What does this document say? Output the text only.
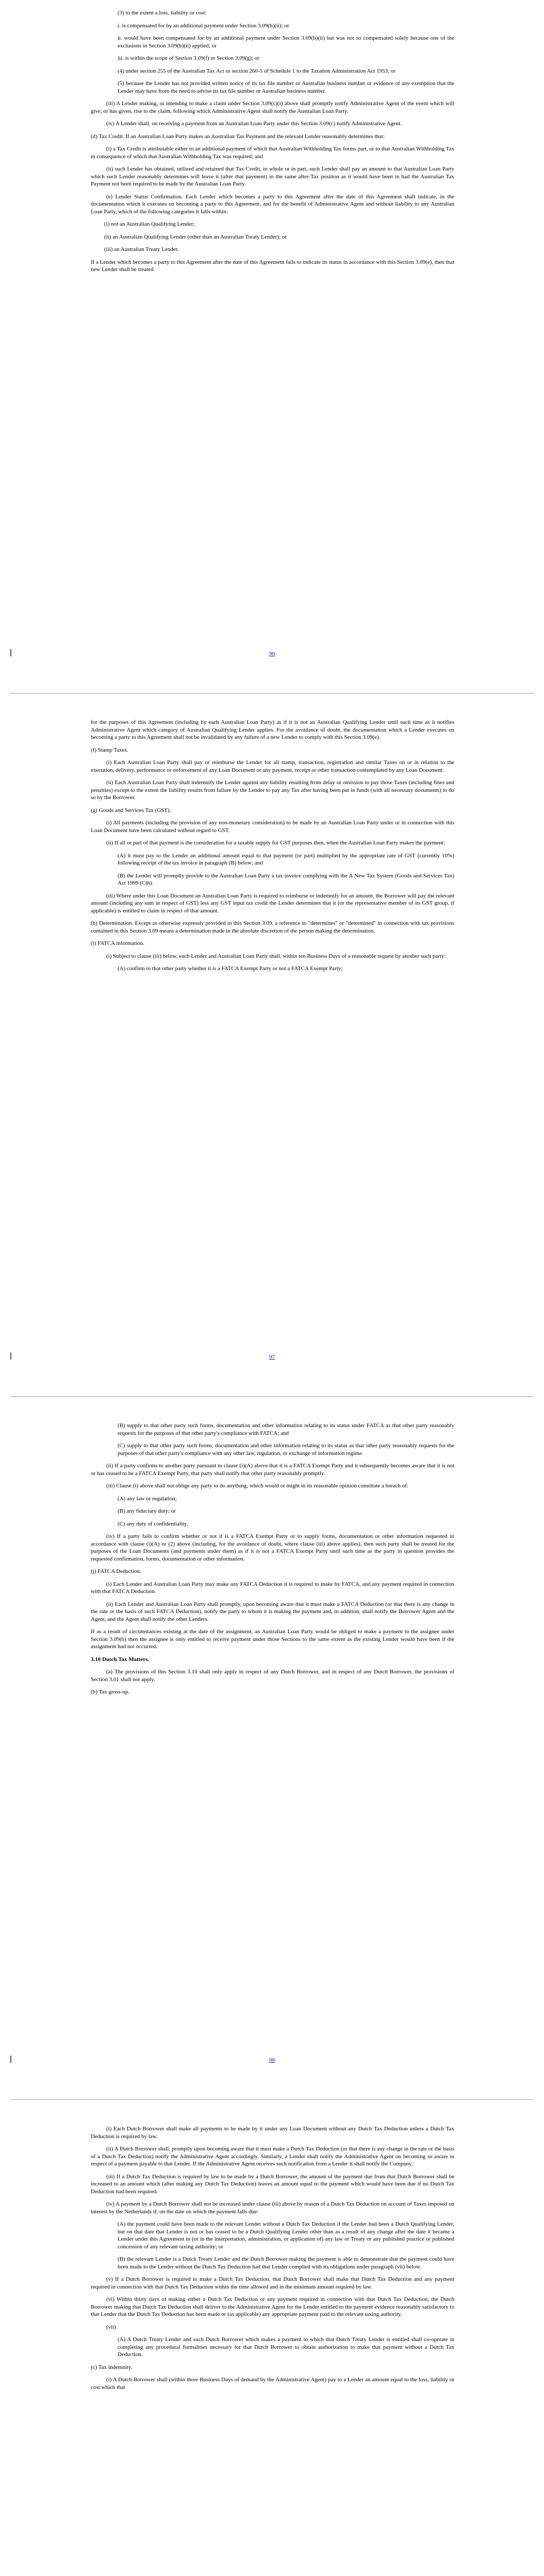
(3) to the extent a loss, liability or cost:

i. is compensated for by an additional payment under Section 3.09(b)(ii); or

ii. would have been compensated for by an additional payment under Section 3.09(b)(ii) but was not so compensated solely because one of the exclusions in Section 3.09(b)(ii) applied; or

iii. is within the scope of Section 3.09(f) or Section 3.09(g); or

(4) under section 255 of the Australian Tax Act or section 260-5 of Schedule 1 to the Taxation Administration Act 1953; or

(5) because the Lender has not provided written notice of its tax file number or Australian business number or evidence of any exemption that the Lender may have from the need to advise its tax file number or Australian business number.

(iii) A Lender making, or intending to make a claim under Section 3.09(c)(i) above shall promptly notify Administrative Agent of the event which will give, or has given, rise to the claim, following which Administrative Agent shall notify the Australian Loan Party.

(iv) A Lender shall, on receiving a payment from an Australian Loan Party under this Section 3.09(c) notify Administrative Agent.

(d) Tax Credit. If an Australian Loan Party makes an Australian Tax Payment and the relevant Lender reasonably determines that:

(i) a Tax Credit is attributable either to an additional payment of which that Australian Withholding Tax forms part, or to that Australian Withholding Tax in consequence of which that Australian Withholding Tax was required; and

(ii) such Lender has obtained, utilized and retained that Tax Credit, in whole or in part, such Lender shall pay an amount to that Australian Loan Party which such Lender reasonably determines will leave it (after that payment) in the same after-Tax position as it would have been in had the Australian Tax Payment not been required to be made by the Australian Loan Party.

(e) Lender Status Confirmation. Each Lender which becomes a party to this Agreement after the date of this Agreement shall indicate, in the documentation which it executes on becoming a party to this Agreement, and for the benefit of Administrative Agent and without liability to any Australian Loan Party, which of the following categories it falls within:

(i) not an Australian Qualifying Lender;

(ii) an Australian Qualifying Lender (other than an Australian Treaty Lender); or

(iii) an Australian Treaty Lender.

If a Lender which becomes a party to this Agreement after the date of this Agreement fails to indicate its status in accordance with this Section 3.09(e), then that new Lender shall be treated

96

for the purposes of this Agreement (including by each Australian Loan Party) as if it is not an Australian Qualifying Lender until such time as it notifies Administrative Agent which category of Australian Qualifying Lender applies. For the avoidance of doubt, the documentation which a Lender executes on becoming a party to this Agreement shall not be invalidated by any failure of a new Lender to comply with this Section 3.09(e).

(f) Stamp Taxes.

(i) Each Australian Loan Party shall pay or reimburse the Lender for all stamp, transaction, registration and similar Taxes on or in relation to the execution, delivery, performance or enforcement of any Loan Document or any payment, receipt or other transaction contemplated by any Loan Document.

(ii) Each Australian Loan Party shall indemnify the Lender against any liability resulting from delay or omission to pay those Taxes (including fines and penalties) except to the extent the liability results from failure by the Lender to pay any Tax after having been put in funds (with all necessary documents) to do so by the Borrower.

(g) Goods and Services Tax (GST).

(i) All payments (including the provision of any non-monetary consideration) to be made by an Australian Loan Party under or in connection with this Loan Document have been calculated without regard to GST.

(ii) If all or part of that payment is the consideration for a taxable supply for GST purposes then, when the Australian Loan Party makes the payment:

(A) it must pay to the Lender an additional amount equal to that payment (or part) multiplied by the appropriate rate of GST (currently 10%) following receipt of the tax invoice in paragraph (B) below; and

(B) the Lender will promptly provide to the Australian Loan Party a tax invoice complying with the A New Tax System (Goods and Services Tax) Act 1999 (Cth).

(iii) Where under this Loan Document an Australian Loan Party is required to reimburse or indemnify for an amount, the Borrower will pay the relevant amount (including any sum in respect of GST) less any GST input tax credit the Lender determines that it (or the representative member of its GST group, if applicable) is entitled to claim in respect of that amount.

(h) Determination. Except as otherwise expressly provided in this Section 3.09, a reference to "determines" or "determined" in connection with tax provisions contained in this Section 3.09 means a determination made in the absolute discretion of the person making the determination.

(i) FATCA information.

(i) Subject to clause (iii) below, each Lender and Australian Loan Party shall, within ten Business Days of a reasonable request by another such party:

(A) confirm to that other party whether it is a FATCA Exempt Party or not a FATCA Exempt Party;

97

(B) supply to that other party such forms, documentation and other information relating to its status under FATCA as that other party reasonably requests for the purposes of that other party's compliance with FATCA; and

(C) supply to that other party such forms, documentation and other information relating to its status as that other party reasonably requests for the purposes of that other party's compliance with any other law, regulation, or exchange of information regime.

(ii) If a party confirms to another party pursuant to clause (i)(A) above that it is a FATCA Exempt Party and it subsequently becomes aware that it is not or has ceased to be a FATCA Exempt Party, that party shall notify that other party reasonably promptly.

(iii) Clause (i) above shall not oblige any party to do anything, which would or might in its reasonable opinion constitute a breach of:

(A) any law or regulation;

(B) any fiduciary duty; or

(C) any duty of confidentiality.

(iv) If a party fails to confirm whether or not it is a FATCA Exempt Party or to supply forms, documentation or other information requested in accordance with clause (i)(A) or (2) above (including, for the avoidance of doubt, where clause (iii) above applies), then such party shall be treated for the purposes of the Loan Documents (and payments under them) as if it is not a FATCA Exempt Party until such time as the party in question provides the requested confirmation, forms, documentation or other information.

(j) FATCA Deduction.

(i) Each Lender and Australian Loan Party may make any FATCA Deduction it is required to make by FATCA, and any payment required in connection with that FATCA Deduction.

(ii) Each Lender and Australian Loan Party shall promptly, upon becoming aware that it must make a FATCA Deduction (or that there is any change in the rate or the basis of such FATCA Deduction), notify the party to whom it is making the payment and, in addition, shall notify the Borrower Agent and the Agent, and the Agent shall notify the other Lenders.

If as a result of circumstances existing at the date of the assignment, an Australian Loan Party would be obliged to make a payment to the assignee under Section 3.09(b) then the assignee is only entitled to receive payment under those Sections to the same extent as the existing Lender would have been if the assignment had not occurred.

3.10 Dutch Tax Matters.

(a) The provisions of this Section 3.10 shall only apply in respect of any Dutch Borrower, and in respect of any Dutch Borrower, the provisions of Section 3.01 shall not apply.

(b) Tax gross-up.

98

(i) Each Dutch Borrower shall make all payments to be made by it under any Loan Document without any Dutch Tax Deduction unless a Dutch Tax Deduction is required by law.

(ii) A Dutch Borrower shall, promptly upon becoming aware that it must make a Dutch Tax Deduction (or that there is any change in the rate or the basis of a Dutch Tax Deduction) notify the Administrative Agent accordingly. Similarly, a Lender shall notify the Administrative Agent on becoming so aware in respect of a payment payable to that Lender. If the Administrative Agent receives such notification from a Lender it shall notify the Company.

(iii) If a Dutch Tax Deduction is required by law to be made by a Dutch Borrower, the amount of the payment due from that Dutch Borrower shall be increased to an amount which (after making any Dutch Tax Deduction) leaves an amount equal to the payment which would have been due if no Dutch Tax Deduction had been required.

(iv) A payment by a Dutch Borrower shall not be increased under clause (iii) above by reason of a Dutch Tax Deduction on account of Taxes imposed on interest by the Netherlands if, on the date on which the payment falls due:

(A) the payment could have been made to the relevant Lender without a Dutch Tax Deduction if the Lender had been a Dutch Qualifying Lender, but on that date that Lender is not or has ceased to be a Dutch Qualifying Lender other than as a result of any change after the date it became a Lender under this Agreement in (or in the interpretation, administration, or application of) any law or Treaty or any published practice or published concession of any relevant taxing authority; or

(B) the relevant Lender is a Dutch Treaty Lender and the Dutch Borrower making the payment is able to demonstrate that the payment could have been made to the Lender without the Dutch Tax Deduction had that Lender complied with its obligations under paragraph (vii) below.

(v) If a Dutch Borrower is required to make a Dutch Tax Deduction, that Dutch Borrower shall make that Dutch Tax Deduction and any payment required in connection with that Dutch Tax Deduction within the time allowed and in the minimum amount required by law.

(vi) Within thirty days of making either a Dutch Tax Deduction or any payment required in connection with that Dutch Tax Deduction, the Dutch Borrower making that Dutch Tax Deduction shall deliver to the Administrative Agent for the Lender entitled to the payment evidence reasonably satisfactory to that Lender that the Dutch Tax Deduction has been made or (as applicable) any appropriate payment paid to the relevant taxing authority.

(vii)

(A) A Dutch Treaty Lender and each Dutch Borrower which makes a payment to which that Dutch Treaty Lender is entitled shall co-operate in completing any procedural formalities necessary for that Dutch Borrower to obtain authorization to make that payment without a Dutch Tax Deduction.

(c) Tax indemnity.

(i) A Dutch Borrower shall (within three Business Days of demand by the Administrative Agent) pay to a Lender an amount equal to the loss, liability or cost which that
